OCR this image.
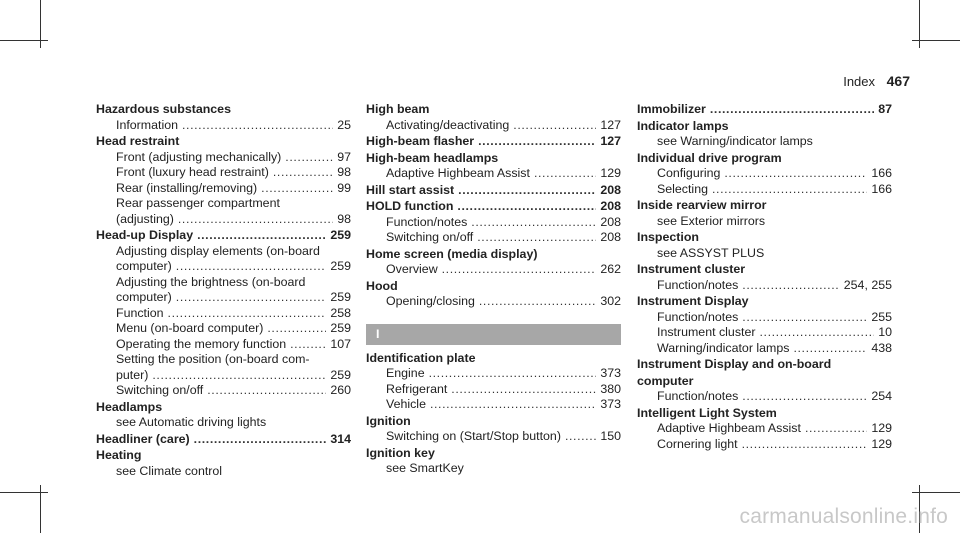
Index 467
Hazardous substances
Information .....	25
Head restraint
Front (adjusting mechanically) .....	97
Front (luxury head restraint) .....	98
Rear (installing/removing) .....	99
Rear passenger compartment
(adjusting) .....	98
Head-up Display .....	259
Adjusting display elements (on-board
computer) .....	259
Adjusting the brightness (on-board
computer) .....	259
Function .....	258
Menu (on-board computer) .....	259
Operating the memory function .....	107
Setting the position (on-board com-
puter) .....	259
Switching on/off .....	260
Headlamps
see Automatic driving lights
Headliner (care) .....	314
Heating
see Climate control
High beam
Activating/deactivating .....	127
High-beam flasher .....	127
High-beam headlamps
Adaptive Highbeam Assist .....	129
Hill start assist .....	208
HOLD function .....	208
Function/notes .....	208
Switching on/off .....	208
Home screen (media display)
Overview .....	262
Hood
Opening/closing .....	302
I
Identification plate
Engine .....	373
Refrigerant .....	380
Vehicle .....	373
Ignition
Switching on (Start/Stop button) .....	150
Ignition key
see SmartKey
Immobilizer .....	87
Indicator lamps
see Warning/indicator lamps
Individual drive program
Configuring .....	166
Selecting .....	166
Inside rearview mirror
see Exterior mirrors
Inspection
see ASSYST PLUS
Instrument cluster
Function/notes .....	254, 255
Instrument Display
Function/notes .....	255
Instrument cluster .....	10
Warning/indicator lamps .....	438
Instrument Display and on-board
computer
Function/notes .....	254
Intelligent Light System
Adaptive Highbeam Assist .....	129
Cornering light .....	129
carmanualsonline.info
